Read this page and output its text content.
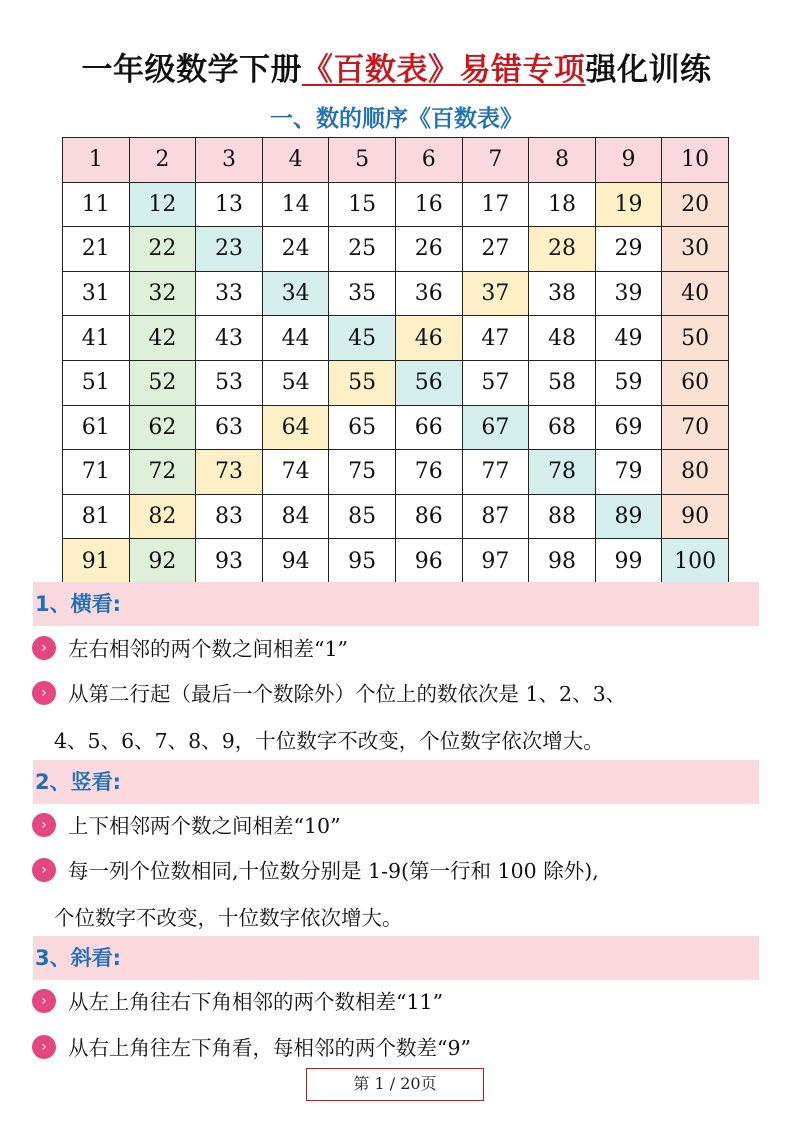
一年级数学下册《百数表》易错专项强化训练
一、数的顺序《百数表》
1	2	3	4	5	6	7	8	9	10
11	12	13	14	15	16	17	18	19	20
21	22	23	24	25	26	27	28	29	30
31	32	33	34	35	36	37	38	39	40
41	42	43	44	45	46	47	48	49	50
51	52	53	54	55	56	57	58	59	60
61	62	63	64	65	66	67	68	69	70
71	72	73	74	75	76	77	78	79	80
81	82	83	84	85	86	87	88	89	90
91	92	93	94	95	96	97	98	99	100
1、横看:
› 左右相邻的两个数之间相差“1”
› 从第二行起（最后一个数除外）个位上的数依次是 1、2、3、
4、5、6、7、8、9，十位数字不改变，个位数字依次增大。
2、竖看:
› 上下相邻两个数之间相差“10”
› 每一列个位数相同,十位数分别是 1-9(第一行和 100 除外),
个位数字不改变，十位数字依次增大。
3、斜看:
› 从左上角往右下角相邻的两个数相差“11”
› 从右上角往左下角看，每相邻的两个数差“9”
第 1 / 20页
